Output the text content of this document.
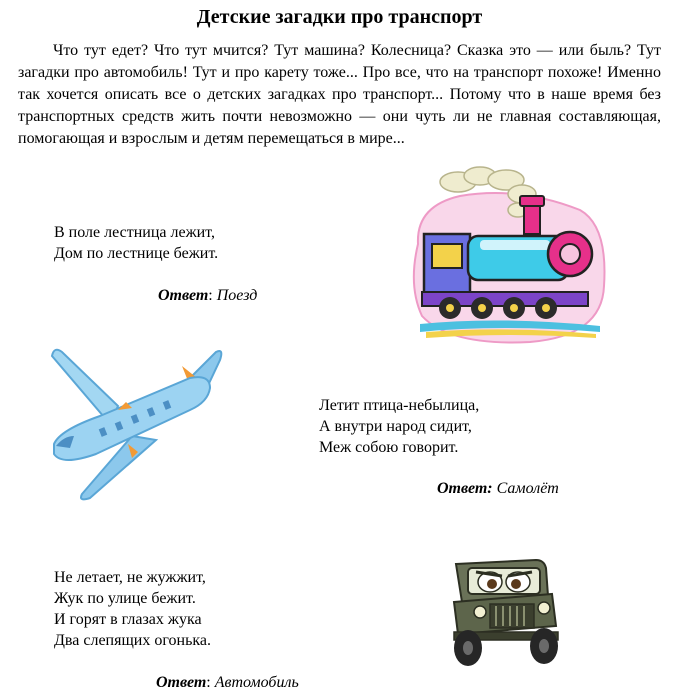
Детские загадки про транспорт

Что тут едет? Что тут мчится? Тут машина? Колесница? Сказка это — или быль? Тут загадки про автомобиль! Тут и про карету тоже... Про все, что на транспорт похоже! Именно так хочется описать все о детских загадках про транспорт... Потому что в наше время без транспортных средств жить почти невозможно — они чуть ли не главная составляющая, помогающая и взрослым и детям перемещаться в мире...

В поле лестница лежит,
Дом по лестнице бежит.
Ответ: Поезд
Летит птица-небылица,
А внутри народ сидит,
Меж собою говорит.
Ответ: Самолёт
Не летает, не жужжит,
Жук по улице бежит.
И горят в глазах жука
Два слепящих огонька.
Ответ: Автомобиль
